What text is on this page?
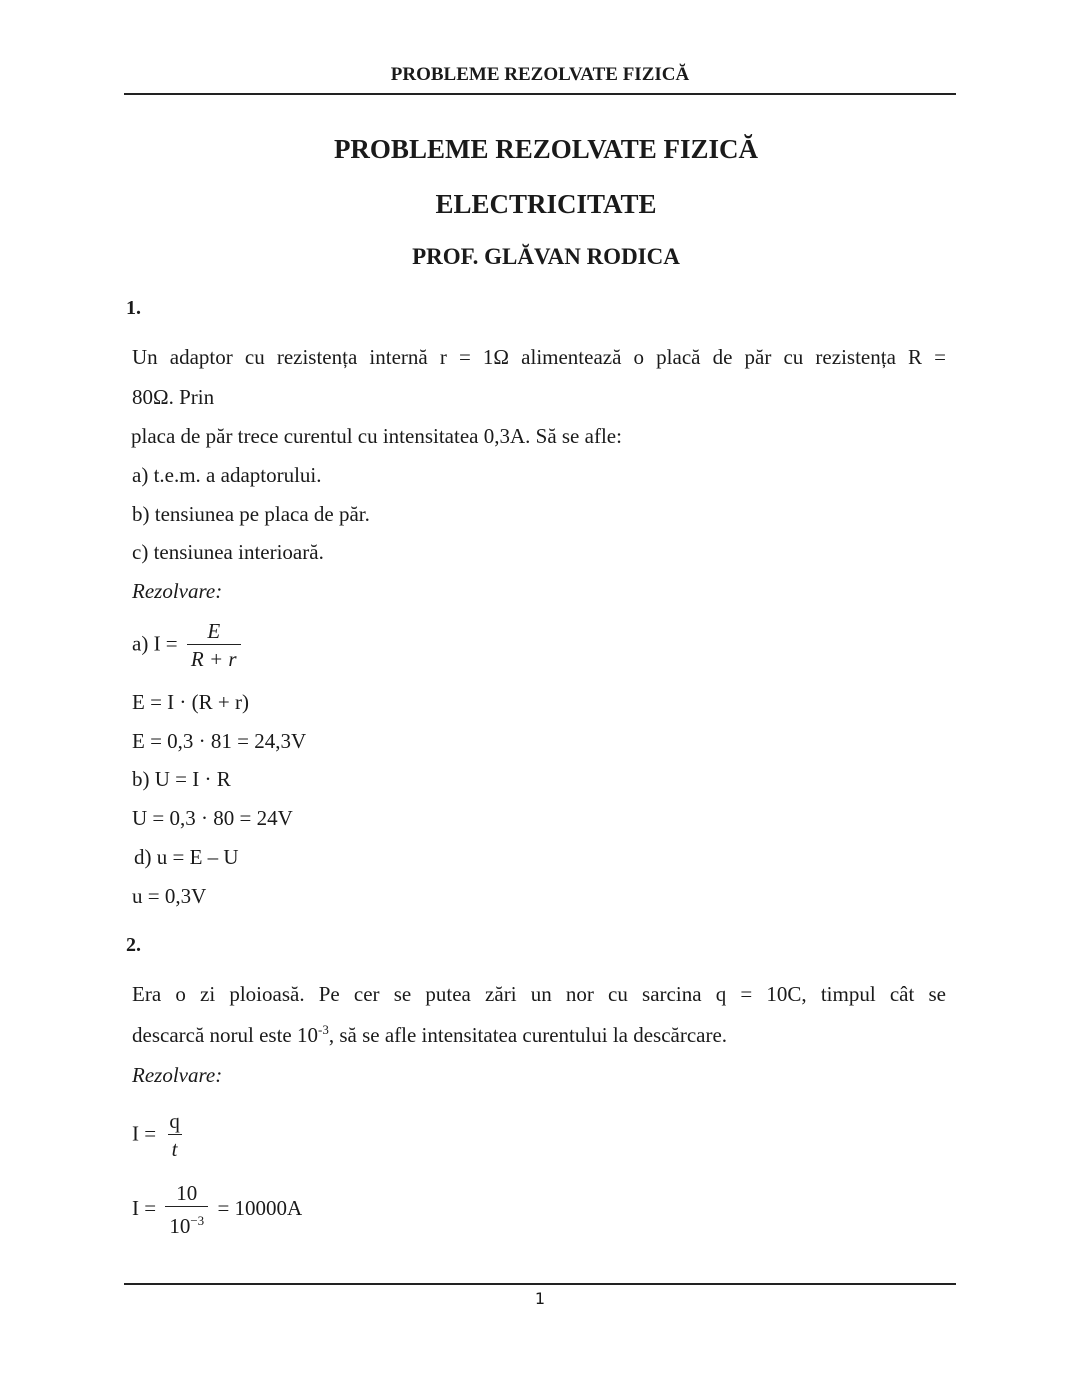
PROBLEME REZOLVATE FIZICĂ
PROBLEME REZOLVATE FIZICĂ
ELECTRICITATE
PROF. GLĂVAN RODICA
1.
Un adaptor cu rezistența internă r = 1Ω alimentează o placă de păr cu rezistența R =
80Ω. Prin
placa de păr trece curentul cu intensitatea 0,3A. Să se afle:
a) t.e.m. a adaptorului.
b) tensiunea pe placa de păr.
c) tensiunea interioară.
Rezolvare:
a) $I = \frac{E}{R + r}$
E = I · (R + r)
E = 0,3 · 81 = 24,3V
b) U = I · R
U = 0,3 · 80 = 24V
d) u = E – U
u = 0,3V
2.
Era o zi ploioasă. Pe cer se putea zări un nor cu sarcina q = 10C, timpul cât se
descarcă norul este $10^{-3}$, să se afle intensitatea curentului la descărcare.
Rezolvare:
$I = \frac{q}{t}$
$I = \frac{10}{10^{-3}} = 10000A$
1
